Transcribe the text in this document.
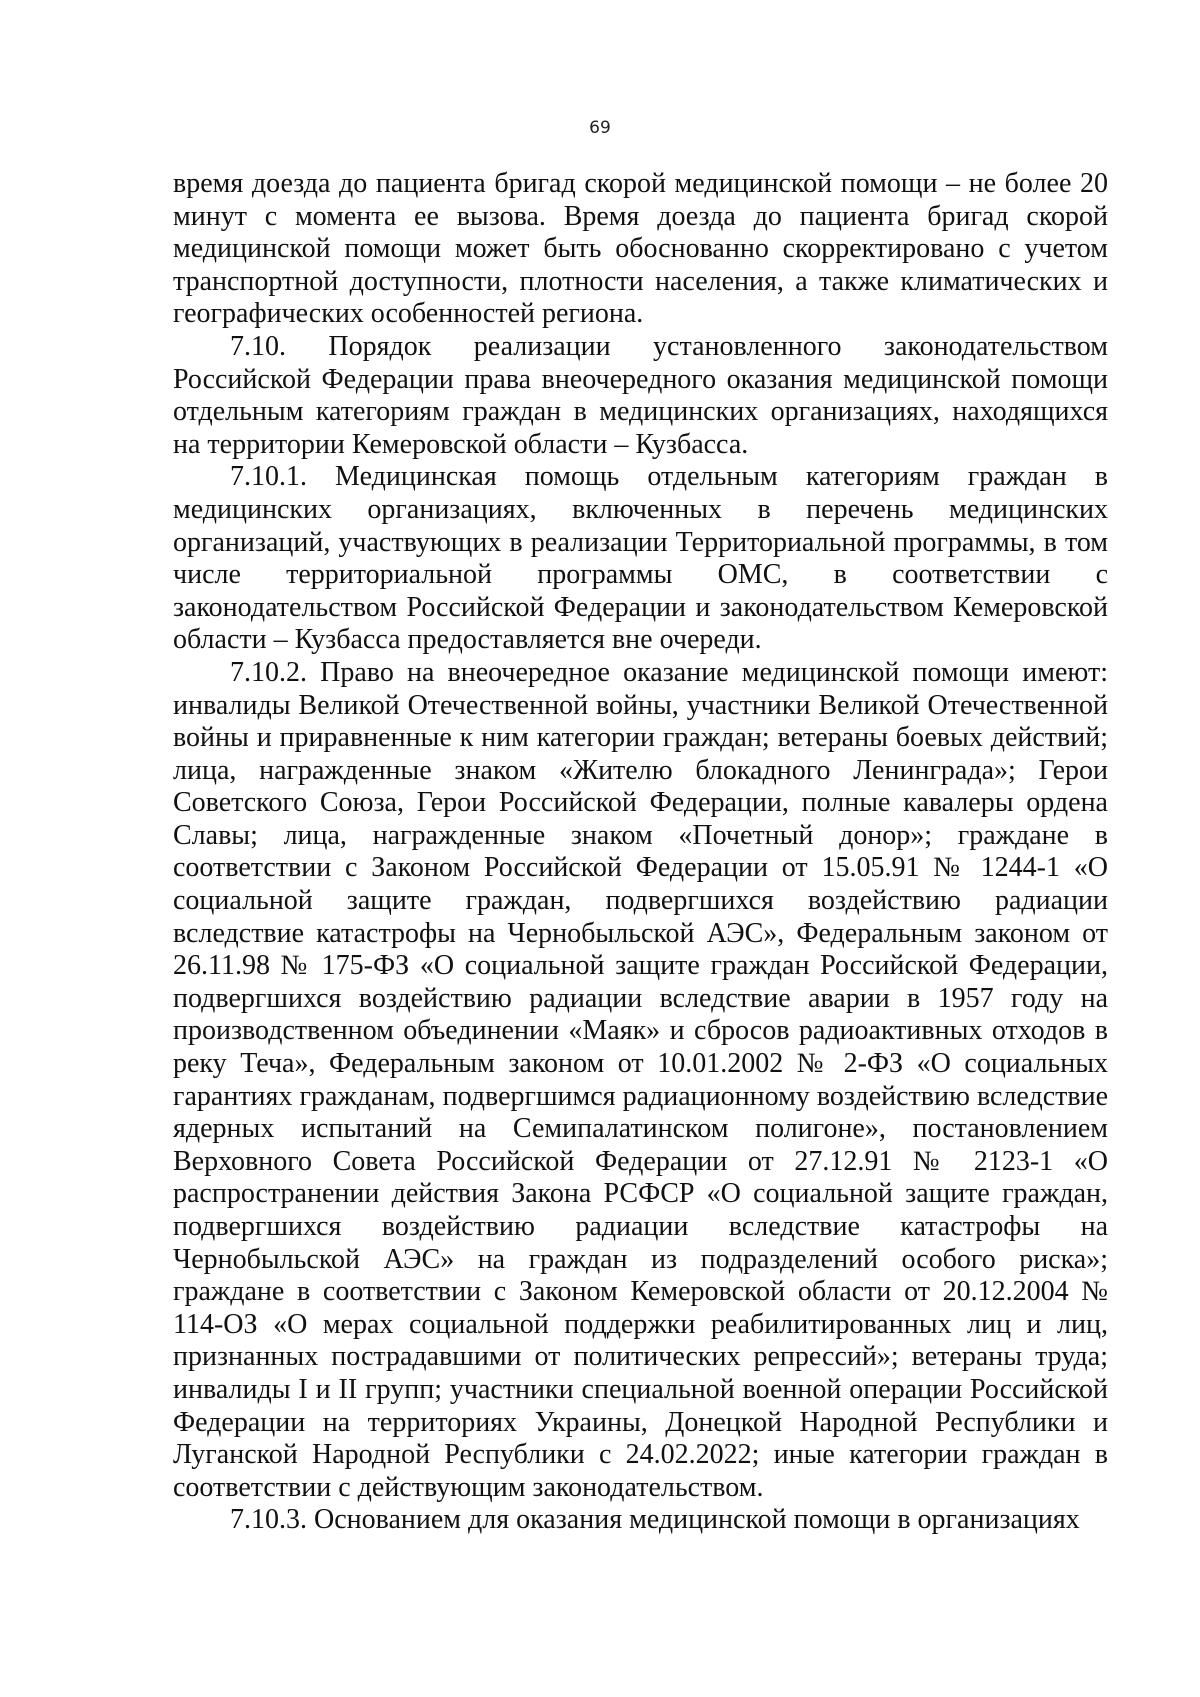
69

время доезда до пациента бригад скорой медицинской помощи – не более 20 минут с момента ее вызова. Время доезда до пациента бригад скорой медицинской помощи может быть обоснованно скорректировано с учетом транспортной доступности, плотности населения, а также климатических и географических особенностей региона.

7.10. Порядок реализации установленного законодательством Российской Федерации права внеочередного оказания медицинской помощи отдельным категориям граждан в медицинских организациях, находящихся на территории Кемеровской области – Кузбасса.

7.10.1. Медицинская помощь отдельным категориям граждан в медицинских организациях, включенных в перечень медицинских организаций, участвующих в реализации Территориальной программы, в том числе территориальной программы ОМС, в соответствии с законодательством Российской Федерации и законодательством Кемеровской области – Кузбасса предоставляется вне очереди.

7.10.2. Право на внеочередное оказание медицинской помощи имеют: инвалиды Великой Отечественной войны, участники Великой Отечественной войны и приравненные к ним категории граждан; ветераны боевых действий; лица, награжденные знаком «Жителю блокадного Ленинграда»; Герои Советского Союза, Герои Российской Федерации, полные кавалеры ордена Славы; лица, награжденные знаком «Почетный донор»; граждане в соответствии с Законом Российской Федерации от 15.05.91 № 1244-1 «О социальной защите граждан, подвергшихся воздействию радиации вследствие катастрофы на Чернобыльской АЭС», Федеральным законом от 26.11.98 № 175-ФЗ «О социальной защите граждан Российской Федерации, подвергшихся воздействию радиации вследствие аварии в 1957 году на производственном объединении «Маяк» и сбросов радиоактивных отходов в реку Теча», Федеральным законом от 10.01.2002 № 2-ФЗ «О социальных гарантиях гражданам, подвергшимся радиационному воздействию вследствие ядерных испытаний на Семипалатинском полигоне», постановлением Верховного Совета Российской Федерации от 27.12.91 № 2123-1 «О распространении действия Закона РСФСР «О социальной защите граждан, подвергшихся воздействию радиации вследствие катастрофы на Чернобыльской АЭС» на граждан из подразделений особого риска»; граждане в соответствии с Законом Кемеровской области от 20.12.2004 № 114-ОЗ «О мерах социальной поддержки реабилитированных лиц и лиц, признанных пострадавшими от политических репрессий»; ветераны труда; инвалиды I и II групп; участники специальной военной операции Российской Федерации на территориях Украины, Донецкой Народной Республики и Луганской Народной Республики с 24.02.2022; иные категории граждан в соответствии с действующим законодательством.

7.10.3. Основанием для оказания медицинской помощи в организациях
